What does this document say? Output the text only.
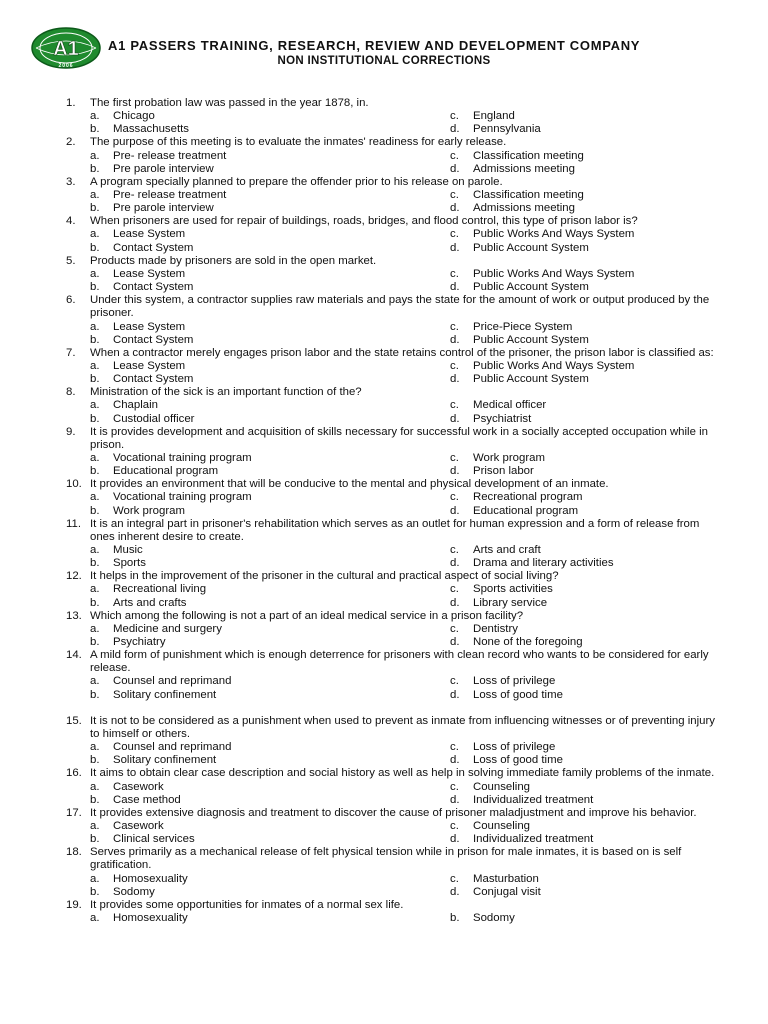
A1
2006
A1 PASSERS TRAINING, RESEARCH, REVIEW AND DEVELOPMENT COMPANY
NON INSTITUTIONAL CORRECTIONS
1. The first probation law was passed in the year 1878, in.
a. Chicago	c. England
b. Massachusetts	d. Pennsylvania
2. The purpose of this meeting is to evaluate the inmates' readiness for early release.
a. Pre- release treatment	c. Classification meeting
b. Pre parole interview	d. Admissions meeting
3. A program specially planned to prepare the offender prior to his release on parole.
a. Pre- release treatment	c. Classification meeting
b. Pre parole interview	d. Admissions meeting
4. When prisoners are used for repair of buildings, roads, bridges, and flood control, this type of prison labor is?
a. Lease System	c. Public Works And Ways System
b. Contact System	d. Public Account System
5. Products made by prisoners are sold in the open market.
a. Lease System	c. Public Works And Ways System
b. Contact System	d. Public Account System
6. Under this system, a contractor supplies raw materials and pays the state for the amount of work or output produced by the prisoner.
a. Lease System	c. Price-Piece System
b. Contact System	d. Public Account System
7. When a contractor merely engages prison labor and the state retains control of the prisoner, the prison labor is classified as:
a. Lease System	c. Public Works And Ways System
b. Contact System	d. Public Account System
8. Ministration of the sick is an important function of the?
a. Chaplain	c. Medical officer
b. Custodial officer	d. Psychiatrist
9. It is provides development and acquisition of skills necessary for successful work in a socially accepted occupation while in prison.
a. Vocational training program	c. Work program
b. Educational program	d. Prison labor
10. It provides an environment that will be conducive to the mental and physical development of an inmate.
a. Vocational training program	c. Recreational program
b. Work program	d. Educational program
11. It is an integral part in prisoner's rehabilitation which serves as an outlet for human expression and a form of release from ones inherent desire to create.
a. Music	c. Arts and craft
b. Sports	d. Drama and literary activities
12. It helps in the improvement of the prisoner in the cultural and practical aspect of social living?
a. Recreational living	c. Sports activities
b. Arts and crafts	d. Library service
13. Which among the following is not a part of an ideal medical service in a prison facility?
a. Medicine and surgery	c. Dentistry
b. Psychiatry	d. None of the foregoing
14. A mild form of punishment which is enough deterrence for prisoners with clean record who wants to be considered for early release.
a. Counsel and reprimand	c. Loss of privilege
b. Solitary confinement	d. Loss of good time
15. It is not to be considered as a punishment when used to prevent as inmate from influencing witnesses or of preventing injury to himself or others.
a. Counsel and reprimand	c. Loss of privilege
b. Solitary confinement	d. Loss of good time
16. It aims to obtain clear case description and social history as well as help in solving immediate family problems of the inmate.
a. Casework	c. Counseling
b. Case method	d. Individualized treatment
17. It provides extensive diagnosis and treatment to discover the cause of prisoner maladjustment and improve his behavior.
a. Casework	c. Counseling
b. Clinical services	d. Individualized treatment
18. Serves primarily as a mechanical release of felt physical tension while in prison for male inmates, it is based on is self gratification.
a. Homosexuality	c. Masturbation
b. Sodomy	d. Conjugal visit
19. It provides some opportunities for inmates of a normal sex life.
a. Homosexuality	b. Sodomy
